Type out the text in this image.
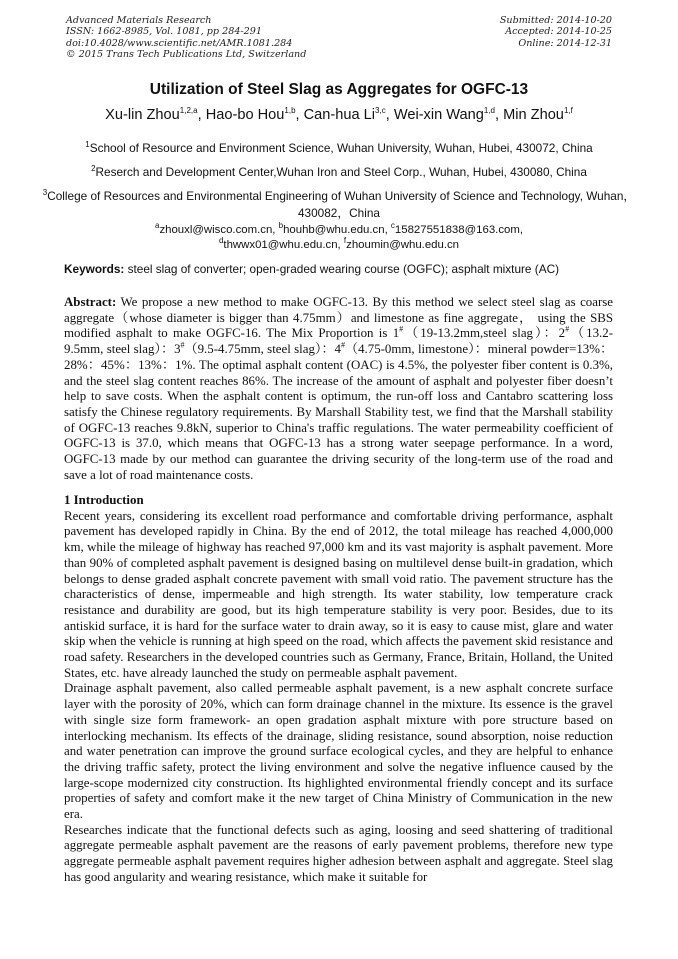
Advanced Materials Research
ISSN: 1662-8985, Vol. 1081, pp 284-291
doi:10.4028/www.scientific.net/AMR.1081.284
© 2015 Trans Tech Publications Ltd, Switzerland
Submitted: 2014-10-20
Accepted: 2014-10-25
Online: 2014-12-31
Utilization of Steel Slag as Aggregates for OGFC-13
Xu-lin Zhou$^{1,2,a}$, Hao-bo Hou$^{1,b}$, Can-hua Li$^{3,c}$, Wei-xin Wang$^{1,d}$, Min Zhou$^{1,f}$
$^1$School of Resource and Environment Science, Wuhan University, Wuhan, Hubei, 430072, China
$^2$Reserch and Development Center,Wuhan Iron and Steel Corp., Wuhan, Hubei, 430080, China
$^3$College of Resources and Environmental Engineering of Wuhan University of Science and Technology, Wuhan，430082，China
$^a$zhouxl@wisco.com.cn, $^b$houhb@whu.edu.cn, $^c$15827551838@163.com,
$^d$thwwx01@whu.edu.cn, $^f$zhoumin@whu.edu.cn
Keywords: steel slag of converter; open-graded wearing course (OGFC); asphalt mixture (AC)

Abstract: We propose a new method to make OGFC-13. By this method we select steel slag as coarse aggregate（whose diameter is bigger than 4.75mm）and limestone as fine aggregate， using the SBS modified asphalt to make OGFC-16. The Mix Proportion is 1#（19-13.2mm,steel slag）：2#（13.2-9.5mm, steel slag）：3#（9.5-4.75mm, steel slag）：4#（4.75-0mm, limestone）：mineral powder=13%：28%：45%：13%：1%. The optimal asphalt content (OAC) is 4.5%, the polyester fiber content is 0.3%, and the steel slag content reaches 86%. The increase of the amount of asphalt and polyester fiber doesn’t help to save costs. When the asphalt content is optimum, the run-off loss and Cantabro scattering loss satisfy the Chinese regulatory requirements. By Marshall Stability test, we find that the Marshall stability of OGFC-13 reaches 9.8kN, superior to China's traffic regulations. The water permeability coefficient of OGFC-13 is 37.0, which means that OGFC-13 has a strong water seepage performance. In a word, OGFC-13 made by our method can guarantee the driving security of the long-term use of the road and save a lot of road maintenance costs.

1 Introduction

Recent years, considering its excellent road performance and comfortable driving performance, asphalt pavement has developed rapidly in China. By the end of 2012, the total mileage has reached 4,000,000 km, while the mileage of highway has reached 97,000 km and its vast majority is asphalt pavement. More than 90% of completed asphalt pavement is designed basing on multilevel dense built-in gradation, which belongs to dense graded asphalt concrete pavement with small void ratio. The pavement structure has the characteristics of dense, impermeable and high strength. Its water stability, low temperature crack resistance and durability are good, but its high temperature stability is very poor. Besides, due to its antiskid surface, it is hard for the surface water to drain away, so it is easy to cause mist, glare and water skip when the vehicle is running at high speed on the road, which affects the pavement skid resistance and road safety. Researchers in the developed countries such as Germany, France, Britain, Holland, the United States, etc. have already launched the study on permeable asphalt pavement.

Drainage asphalt pavement, also called permeable asphalt pavement, is a new asphalt concrete surface layer with the porosity of 20%, which can form drainage channel in the mixture. Its essence is the gravel with single size form framework- an open gradation asphalt mixture with pore structure based on interlocking mechanism. Its effects of the drainage, sliding resistance, sound absorption, noise reduction and water penetration can improve the ground surface ecological cycles, and they are helpful to enhance the driving traffic safety, protect the living environment and solve the negative influence caused by the large-scope modernized city construction. Its highlighted environmental friendly concept and its surface properties of safety and comfort make it the new target of China Ministry of Communication in the new era.

Researches indicate that the functional defects such as aging, loosing and seed shattering of traditional aggregate permeable asphalt pavement are the reasons of early pavement problems, therefore new type aggregate permeable asphalt pavement requires higher adhesion between asphalt and aggregate. Steel slag has good angularity and wearing resistance, which make it suitable for
